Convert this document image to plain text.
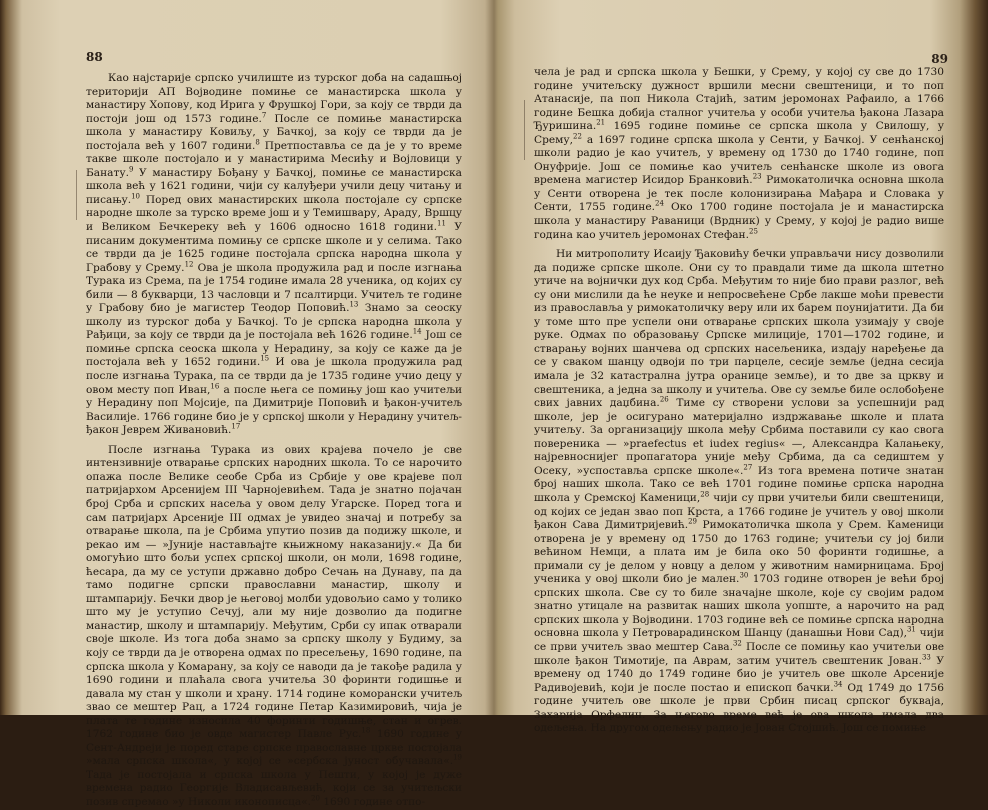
88

Као најстарије српско училиште из турског доба на садашњој територији АП Војводине помиње се манастирска школа у манастиру Хопову, код Ирига у Фрушкој Гори, за коју се тврди да постоји још од 1573 године.$^7$ После се помиње манастирска школа у манастиру Ковиљу, у Бачкој, за коју се тврди да је постојала већ у 1607 години.$^8$ Претпоставља се да је у то време такве школе постојало и у манастирима Месићу и Војловици у Банату.$^9$ У манастиру Бођану у Бачкој, помиње се манастирска школа већ у 1621 години, чији су калуђери учили децу читању и писању.$^{10}$ Поред ових манастирских школа постојале су српске народне школе за турско време још и у Темишвару, Араду, Вршцу и Великом Бечкереку већ у 1606 односно 1618 години.$^{11}$ У писаним документима помињу се српске школе и у селима. Тако се тврди да је 1625 године постојала српска народна школа у Грабову у Срему.$^{12}$ Ова је школа продужила рад и после изгнања Турака из Срема, па је 1754 године имала 28 ученика, од којих су били — 8 букварци, 13 часловци и 7 псалтирци. Учитељ те године у Грабову био је магистер Теодор Поповић.$^{13}$ Знамо за сеоску школу из турског доба у Бачкој. То је српска народна школа у Рађици, за коју се тврди да је постојала већ 1626 године.$^{14}$ Још се помиње српска сеоска школа у Нерадину, за коју се каже да је постојала већ у 1652 години.$^{15}$ И ова је школа продужила рад после изгнања Турака, па се тврди да је 1735 године учио децу у овом месту поп Иван,$^{16}$ а после њега се помињу још као учитељи у Нерадину поп Мојсије, па Димитрије Поповић и ђакон-учитељ Василије. 1766 године био је у српској школи у Нерадину учитељ-ђакон Јеврем Живановић.$^{17}$

После изгнања Турака из ових крајева почело је све интензивније отварање српских народних школа. То се нарочито опажа после Велике сеобе Срба из Србије у ове крајеве пол патријархом Арсенијем III Чарнојевићем. Тада је знатно појачан број Срба и српских насеља у овом делу Угарске. Поред тога и сам патријарх Арсеније III одмах је увидео значај и потребу за отварање школа, па је Србима упутио позив да подижу школе, и рекао им — »Јуније настављајте књижному наказанију.« Да би омогућио што бољи успех српској школи, он моли, 1698 године, ћесара, да му се уступи државно добро Сечањ на Дунаву, па да тамо подигне српски православни манастир, школу и штампарију. Бечки двор је његовој молби удовољио само у толико што му је уступио Сечуј, али му није дозволио да подигне манастир, школу и штампарију. Међутим, Срби су ипак отварали своје школе. Из тога доба знамо за српску школу у Будиму, за коју се тврди да је отворена одмах по пресељењу, 1690 године, па српска школа у Комарану, за коју се наводи да је такође радила у 1690 години и плаћала свога учитеља 30 форинти годишње и давала му стан у школи и храну. 1714 године коморански учитељ звао се мештер Рац, а 1724 године Петар Казимировић, чија је плата те године износила 40 форинти годишње, стан и огрев. 1762 године био је овде магистер Павле Рус.$^{18}$ 1690 године у Сент-Андреји је поред старе српске православне цркве постојала »мала српска школа«, у којој се »сербска јуност обучавала«.$^{19}$ Тада је постојала и српска школа у Пешти, у којој је дуже времена радио Георгије Владисављевић, који се за учитељски позив спремао »у Николи иконописца«.$^{20}$ 1690 године отпо-

89

чела је рад и српска школа у Бешки, у Срему, у којој су све до 1730 године учитељску дужност вршили месни свештеници, и то поп Атанасије, па поп Никола Стајић, затим јеромонах Рафаило, а 1766 године Бешка добија сталног учитеља у особи учитеља ђакона Лазара Ђуришина.$^{21}$ 1695 године помиње се српска школа у Свилошу, у Срему,$^{22}$ а 1697 године српска школа у Сенти, у Бачкој. У сенћанској школи радио је као учитељ, у времену од 1730 до 1740 године, поп Онуфрије. Још се помиње као учитељ сенћанске школе из овога времена магистер Исидор Бранковић.$^{23}$ Римокатоличка основна школа у Сенти отворена је тек после колонизирања Мађара и Словака у Сенти, 1755 године.$^{24}$ Око 1700 године постојала је и манастирска школа у манастиру Раваници (Врдник) у Срему, у којој је радио више година као учитељ јеромонах Стефан.$^{25}$

Ни митрополиту Исаију Ђаковићу бечки управљачи нису дозволили да подиже српске школе. Они су то правдали тиме да школа штетно утиче на војнички дух код Срба. Међутим то није био прави разлог, већ су они мислили да ће неуке и непросвећене Србе лакше моћи превести из православља у римокатоличку веру или их барем поунијатити. Да би у томе што пре успели они отварање српских школа узимају у своје руке. Одмах по образовању Српске милиције, 1701—1702 године, и стварању војних шанчева од српских насељеника, издају наређење да се у сваком шанцу одвоји по три парцеле, сесије земље (једна сесија имала је 32 катастрална јутра оранице земље), и то две за цркву и свештеника, а једна за школу и учитеља. Ове су земље биле ослобођене свих јавних даџбина.$^{26}$ Тиме су створени услови за успешнији рад школе, јер је осигурано материјално издржавање школе и плата учитељу. За организацију школа међу Србима поставили су као свога повереника — »praefectus et iudex regius« —, Александра Калањеку, најревноснијег пропагатора уније међу Србима, да са седиштем у Осеку, »успоставља српске школе«.$^{27}$ Из тога времена потиче знатан број наших школа. Тако се већ 1701 године помиње српска народна школа у Сремској Каменици,$^{28}$ чији су први учитељи били свештеници, од којих се један звао поп Крста, а 1766 године је учитељ у овој школи ђакон Сава Димитријевић.$^{29}$ Римокатоличка школа у Срем. Каменици отворена је у времену од 1750 до 1763 године; учитељи су јој били већином Немци, а плата им је била око 50 форинти годишње, а примали су је делом у новцу а делом у животним намирницама. Број ученика у овој школи био је мален.$^{30}$ 1703 године отворен је већи број српских школа. Све су то биле значајне школе, које су својим радом знатно утицале на развитак наших школа уопште, а нарочито на рад српских школа у Војводини. 1703 године већ се помиње српска народна основна школа у Петроварадинском Шанцу (данашњи Нови Сад),$^{31}$ чији се први учитељ звао мештер Сава.$^{32}$ После се помињу као учитељи ове школе ђакон Тимотије, па Аврам, затим учитељ свештеник Јован.$^{33}$ У времену од 1740 до 1749 године био је учитељ ове школе Арсеније Радивојевић, који је после постао и епископ бачки.$^{34}$ Од 1749 до 1756 године учитељ ове школе је први Србин писац српског букваја, Захарија Орфелин. За његово време већ је ова школа имала два одељења. На другом одељењу радио је Јован Стојшић. Још се помиње
